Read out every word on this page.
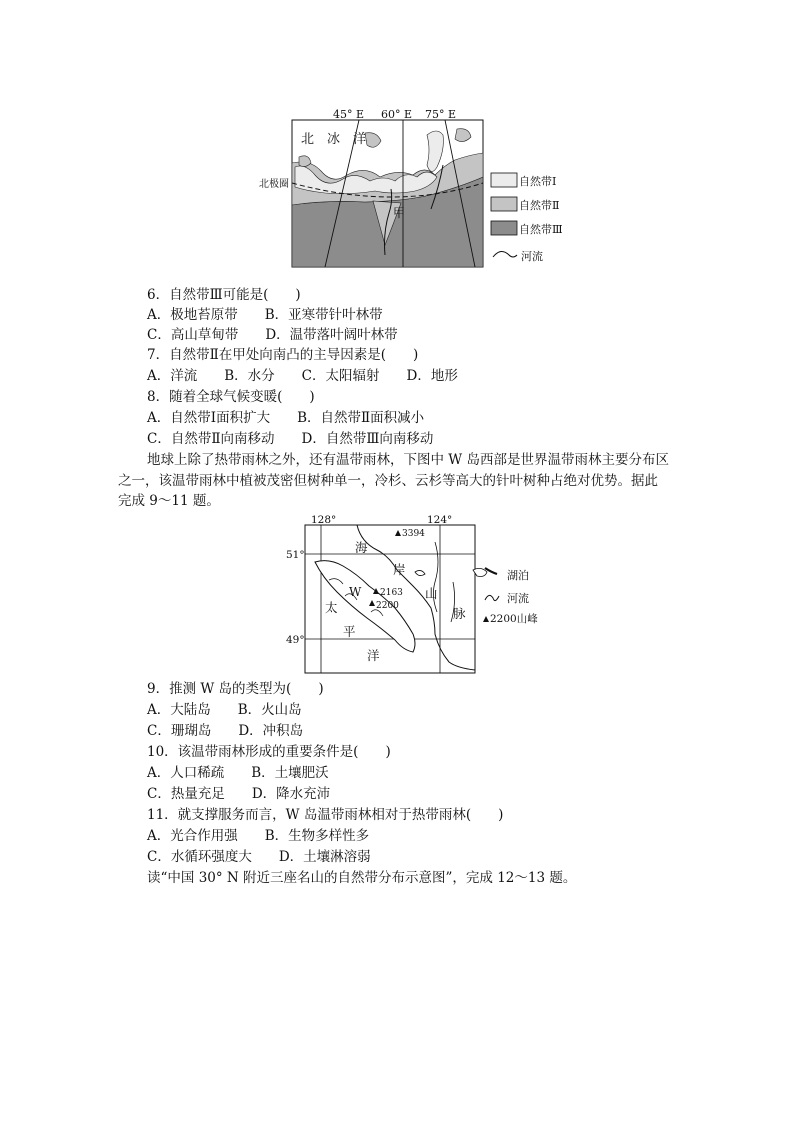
45° E 60° E 75° E
北 冰 洋
北极圈
甲
自然带Ⅰ
自然带Ⅱ
自然带Ⅲ
河流
6．自然带Ⅲ可能是(　　)
A．极地苔原带　　B．亚寒带针叶林带
C．高山草甸带　　D．温带落叶阔叶林带
7．自然带Ⅱ在甲处向南凸的主导因素是(　　)
A．洋流　　B．水分　　C．太阳辐射　　D．地形
8．随着全球气候变暖(　　)
A．自然带Ⅰ面积扩大　　B．自然带Ⅱ面积减小
C．自然带Ⅱ向南移动　　D．自然带Ⅲ向南移动
地球上除了热带雨林之外，还有温带雨林，下图中 W 岛西部是世界温带雨林主要分布区
之一，该温带雨林中植被茂密但树种单一，冷杉、云杉等高大的针叶树种占绝对优势。据此
完成 9～11 题。
3394
2163
2200
W
128°	124°
51°
49°
海
岸
太
平
洋
山
脉
湖泊
河流
2200山峰
9．推测 W 岛的类型为(　　)
A．大陆岛　　B．火山岛
C．珊瑚岛　　D．冲积岛
10．该温带雨林形成的重要条件是(　　)
A．人口稀疏　　B．土壤肥沃
C．热量充足　　D．降水充沛
11．就支撑服务而言，W 岛温带雨林相对于热带雨林(　　)
A．光合作用强　　B．生物多样性多
C．水循环强度大　　D．土壤淋溶弱
读“中国 30° N 附近三座名山的自然带分布示意图”，完成 12～13 题。
